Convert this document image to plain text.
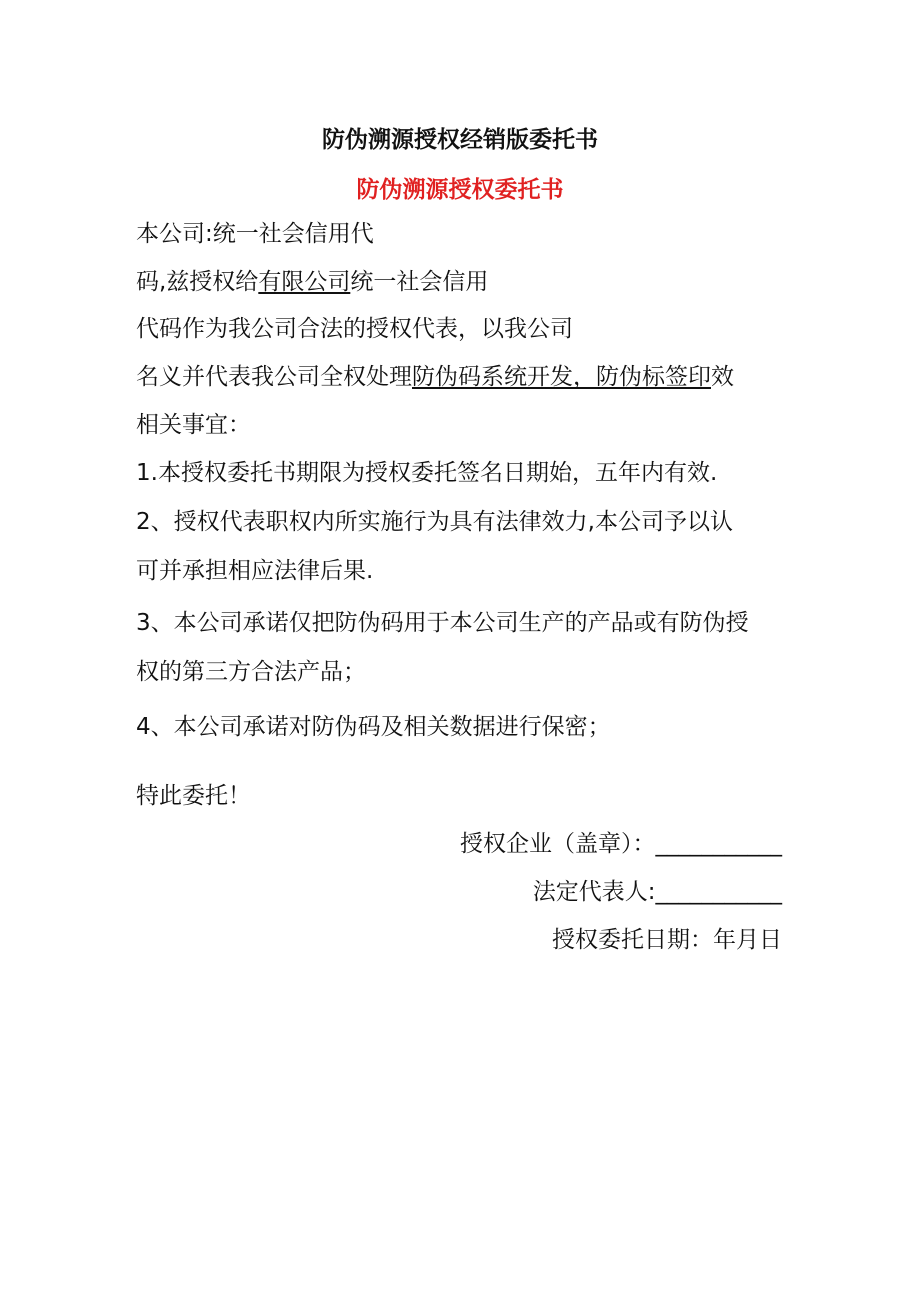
防伪溯源授权经销版委托书
防伪溯源授权委托书
本公司:统一社会信用代
码,兹授权给有限公司统一社会信用
代码作为我公司合法的授权代表，以我公司
名义并代表我公司全权处理防伪码系统开发，防伪标签印效
相关事宜：
1.本授权委托书期限为授权委托签名日期始，五年内有效.
2、授权代表职权内所实施行为具有法律效力,本公司予以认
可并承担相应法律后果.
3、本公司承诺仅把防伪码用于本公司生产的产品或有防伪授
权的第三方合法产品；
4、本公司承诺对防伪码及相关数据进行保密；
特此委托！
授权企业（盖章）：___________
法定代表人:___________
授权委托日期：年月日
